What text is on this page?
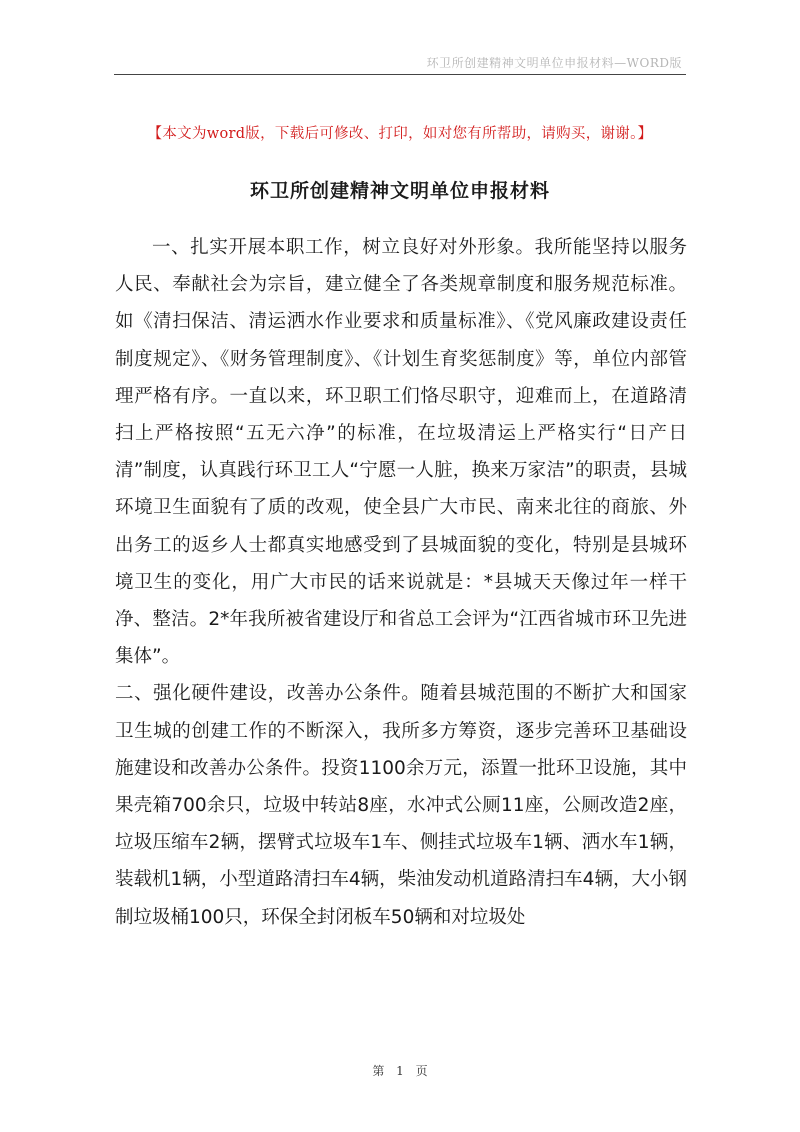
环卫所创建精神文明单位申报材料—WORD版
【本文为word版，下载后可修改、打印，如对您有所帮助，请购买，谢谢。】
环卫所创建精神文明单位申报材料

一、扎实开展本职工作，树立良好对外形象。我所能坚持以服务人民、奉献社会为宗旨，建立健全了各类规章制度和服务规范标准。如《清扫保洁、清运洒水作业要求和质量标准》、《党风廉政建设责任制度规定》、《财务管理制度》、《计划生育奖惩制度》等，单位内部管理严格有序。一直以来，环卫职工们恪尽职守，迎难而上，在道路清扫上严格按照“五无六净”的标准，在垃圾清运上严格实行“日产日清”制度，认真践行环卫工人“宁愿一人脏，换来万家洁”的职责，县城环境卫生面貌有了质的改观，使全县广大市民、南来北往的商旅、外出务工的返乡人士都真实地感受到了县城面貌的变化，特别是县城环境卫生的变化，用广大市民的话来说就是：*县城天天像过年一样干净、整洁。2*年我所被省建设厅和省总工会评为“江西省城市环卫先进集体”。

二、强化硬件建设，改善办公条件。随着县城范围的不断扩大和国家卫生城的创建工作的不断深入，我所多方筹资，逐步完善环卫基础设施建设和改善办公条件。投资1100余万元，添置一批环卫设施，其中果壳箱700余只，垃圾中转站8座，水冲式公厕11座，公厕改造2座，垃圾压缩车2辆，摆臂式垃圾车1车、侧挂式垃圾车1辆、洒水车1辆，装载机1辆，小型道路清扫车4辆，柴油发动机道路清扫车4辆，大小钢制垃圾桶100只，环保全封闭板车50辆和对垃圾处

第 1 页
